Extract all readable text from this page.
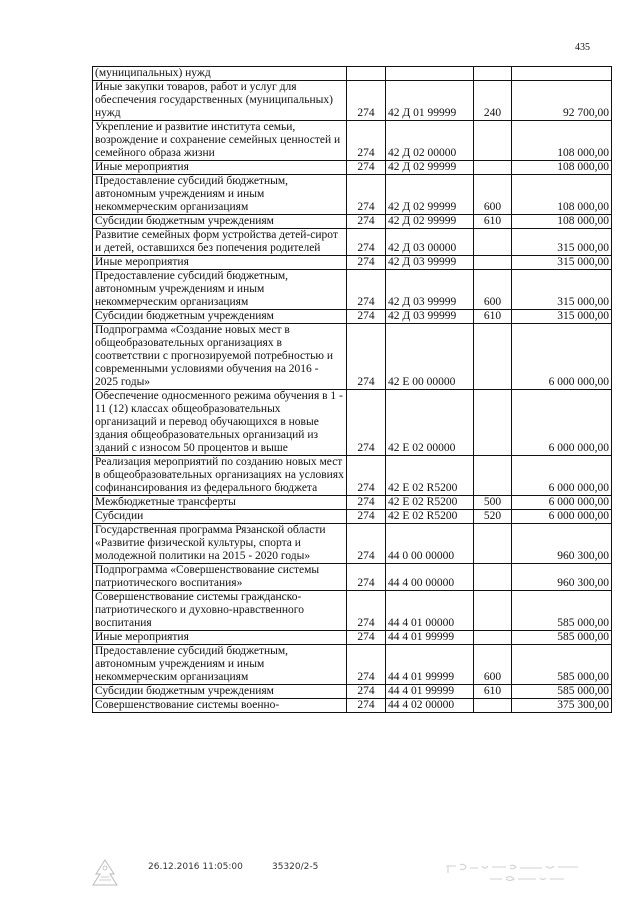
435
(муниципальных) нужд				
Иные закупки товаров, работ и услуг для обеспечения государственных (муниципальных) нужд	274	42 Д 01 99999	240	92 700,00
Укрепление и развитие института семьи, возрождение и сохранение семейных ценностей и семейного образа жизни	274	42 Д 02 00000		108 000,00
Иные мероприятия	274	42 Д 02 99999		108 000,00
Предоставление субсидий бюджетным, автономным учреждениям и иным некоммерческим организациям	274	42 Д 02 99999	600	108 000,00
Субсидии бюджетным учреждениям	274	42 Д 02 99999	610	108 000,00
Развитие семейных форм устройства детей-сирот и детей, оставшихся без попечения родителей	274	42 Д 03 00000		315 000,00
Иные мероприятия	274	42 Д 03 99999		315 000,00
Предоставление субсидий бюджетным, автономным учреждениям и иным некоммерческим организациям	274	42 Д 03 99999	600	315 000,00
Субсидии бюджетным учреждениям	274	42 Д 03 99999	610	315 000,00
Подпрограмма «Создание новых мест в общеобразовательных организациях в соответствии с прогнозируемой потребностью и современными условиями обучения на 2016 - 2025 годы»	274	42 Е 00 00000		6 000 000,00
Обеспечение односменного режима обучения в 1 - 11 (12) классах общеобразовательных организаций и перевод обучающихся в новые здания общеобразовательных организаций из зданий с износом 50 процентов и выше	274	42 Е 02 00000		6 000 000,00
Реализация мероприятий по созданию новых мест в общеобразовательных организациях на условиях софинансирования из федерального бюджета	274	42 Е 02 R5200		6 000 000,00
Межбюджетные трансферты	274	42 Е 02 R5200	500	6 000 000,00
Субсидии	274	42 Е 02 R5200	520	6 000 000,00
Государственная программа Рязанской области «Развитие физической культуры, спорта и молодежной политики на 2015 - 2020 годы»	274	44 0 00 00000		960 300,00
Подпрограмма «Совершенствование системы патриотического воспитания»	274	44 4 00 00000		960 300,00
Совершенствование системы гражданско-патриотического и духовно-нравственного воспитания	274	44 4 01 00000		585 000,00
Иные мероприятия	274	44 4 01 99999		585 000,00
Предоставление субсидий бюджетным, автономным учреждениям и иным некоммерческим организациям	274	44 4 01 99999	600	585 000,00
Субсидии бюджетным учреждениям	274	44 4 01 99999	610	585 000,00
Совершенствование системы военно-	274	44 4 02 00000		375 300,00
26.12.2016 11:05:00	35320/2-5
